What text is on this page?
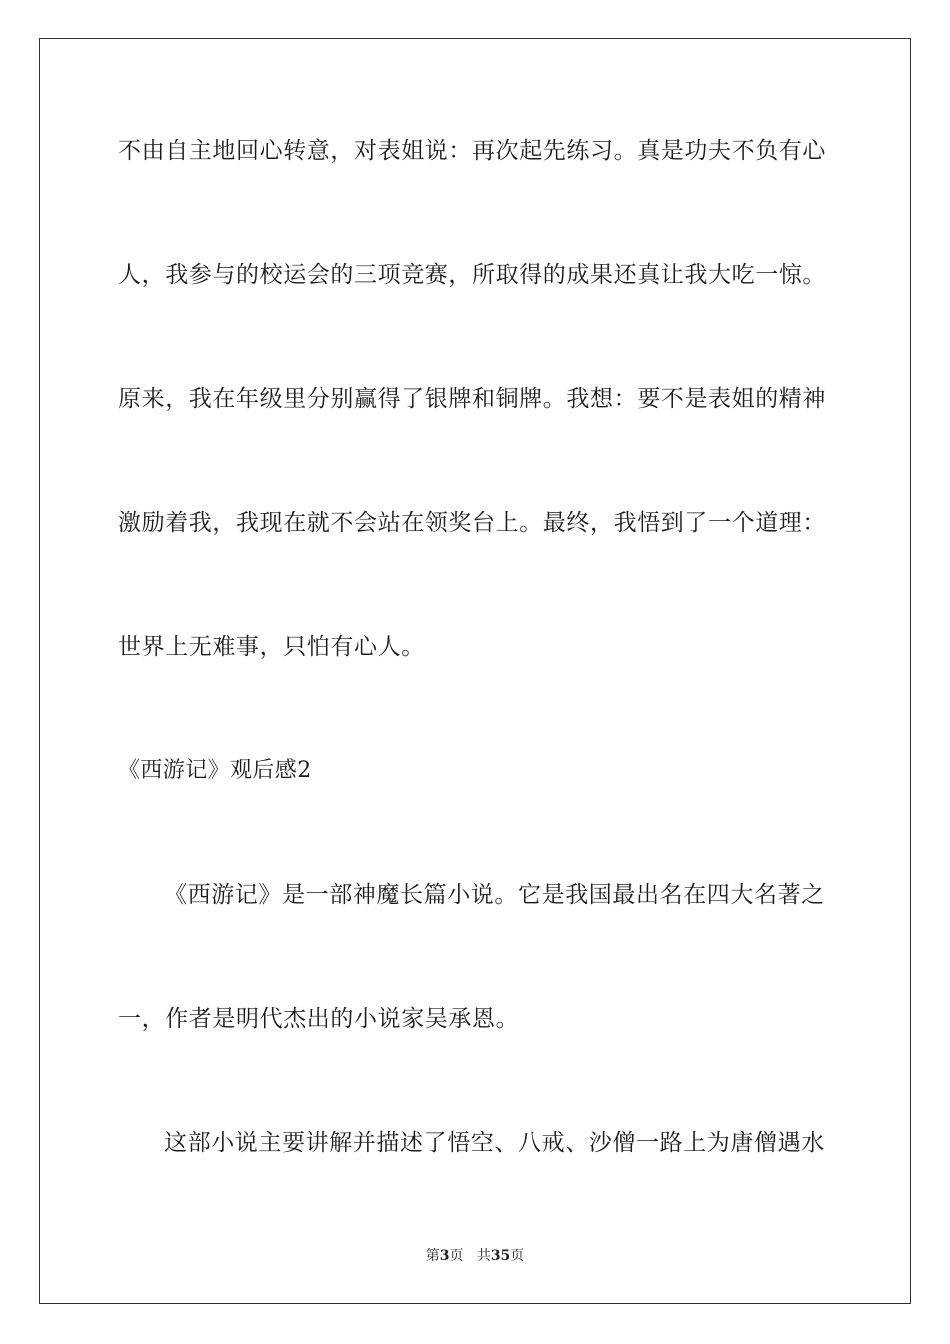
不由自主地回心转意，对表姐说：再次起先练习。真是功夫不负有心
人，我参与的校运会的三项竞赛，所取得的成果还真让我大吃一惊。
原来，我在年级里分别赢得了银牌和铜牌。我想：要不是表姐的精神
激励着我，我现在就不会站在领奖台上。最终，我悟到了一个道理：
世界上无难事，只怕有心人。
《西游记》观后感2
《西游记》是一部神魔长篇小说。它是我国最出名在四大名著之
一，作者是明代杰出的小说家吴承恩。
这部小说主要讲解并描述了悟空、八戒、沙僧一路上为唐僧遇水
第3页 共35页
